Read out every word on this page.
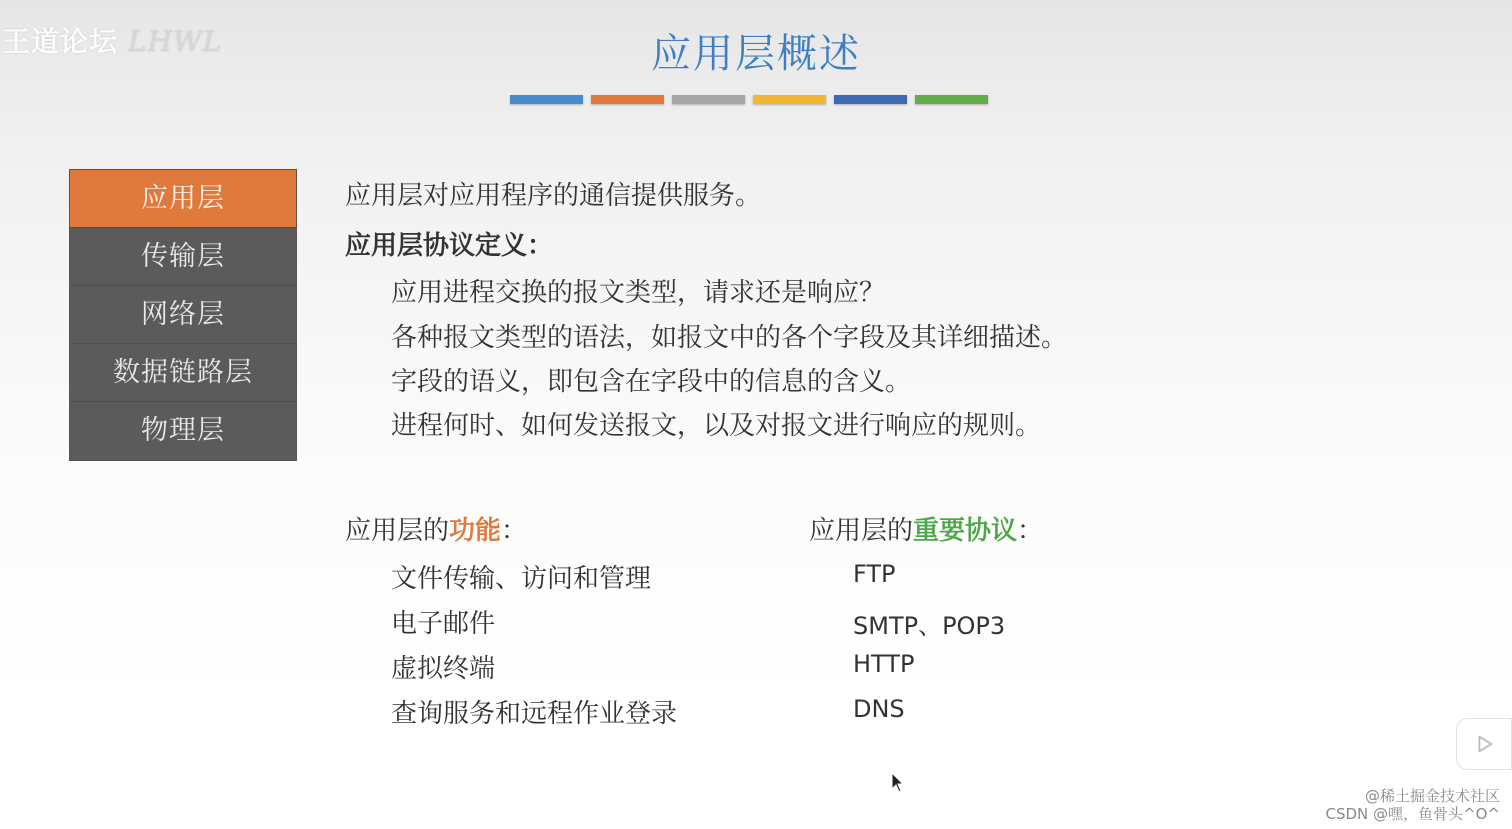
王道论坛 LHWL	应用层概述
应用层
传输层
网络层
数据链路层
物理层
应用层对应用程序的通信提供服务。
应用层协议定义：
应用进程交换的报文类型，请求还是响应？
各种报文类型的语法，如报文中的各个字段及其详细描述。
字段的语义，即包含在字段中的信息的含义。
进程何时、如何发送报文，以及对报文进行响应的规则。
应用层的功能：
文件传输、访问和管理
电子邮件
虚拟终端
查询服务和远程作业登录
应用层的重要协议：
FTP
SMTP、POP3
HTTP
DNS
@稀土掘金技术社区
CSDN @嘿，鱼骨头^O^
